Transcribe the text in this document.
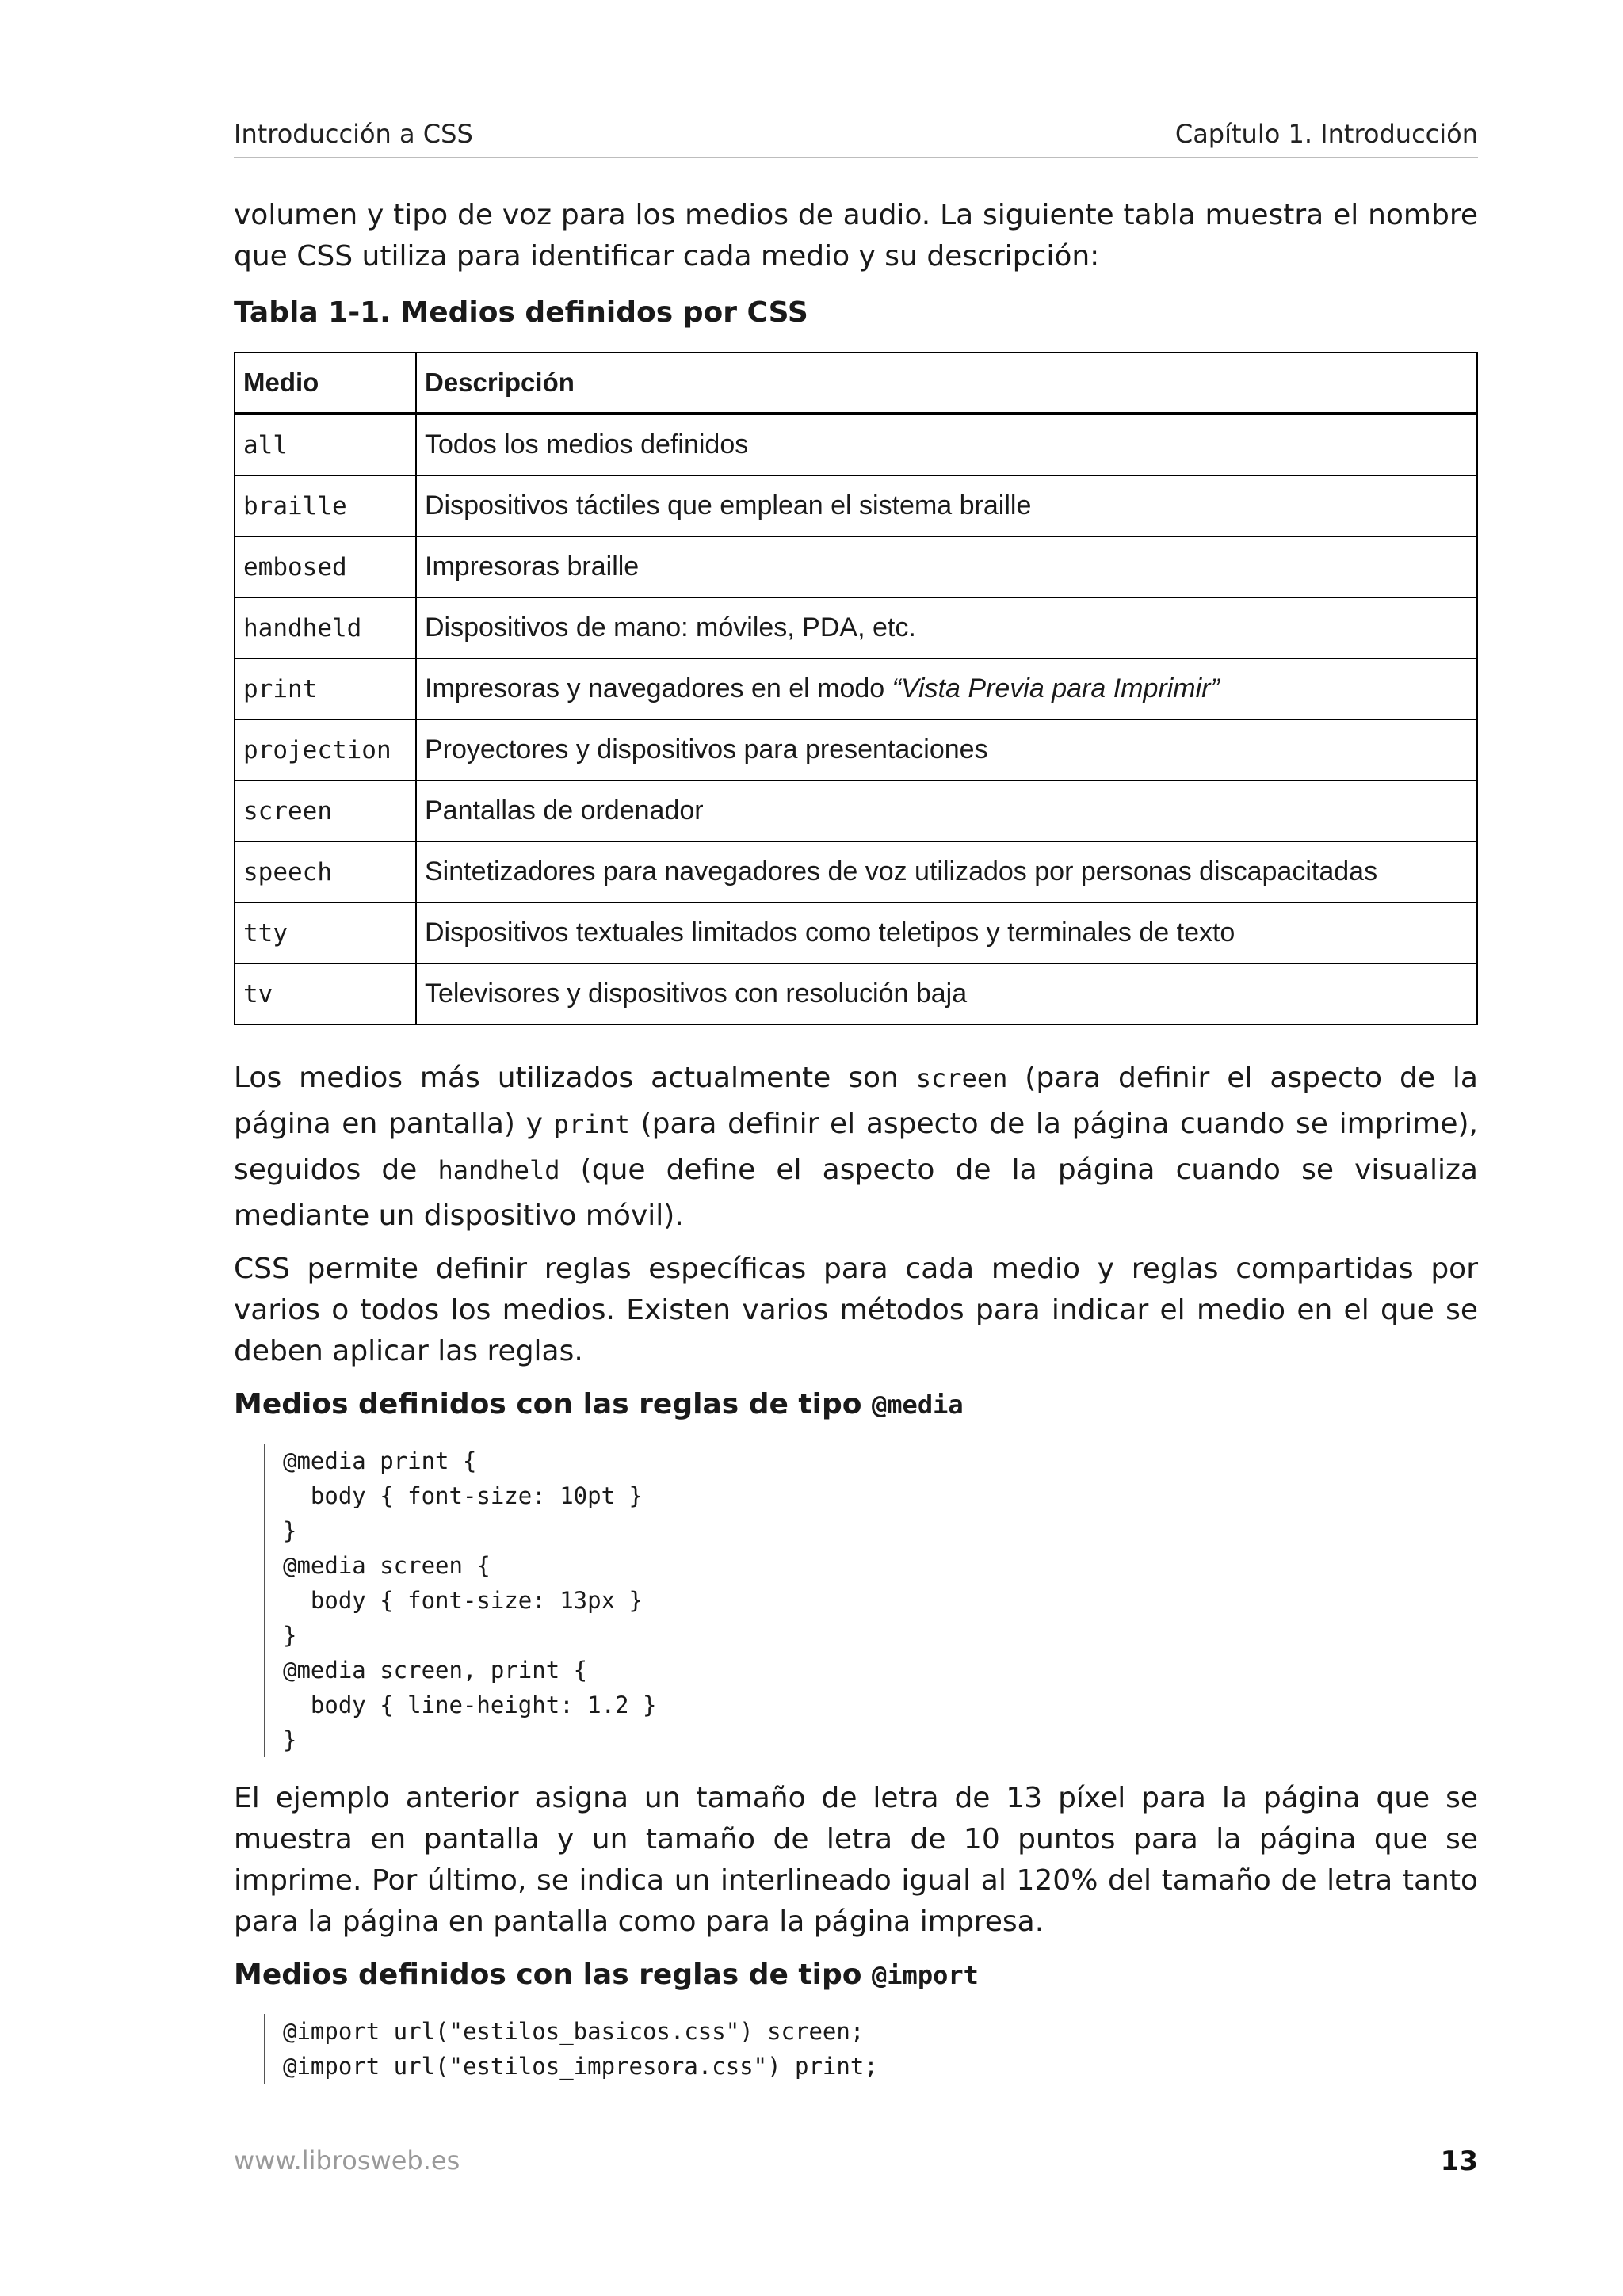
Introducción a CSS	Capítulo 1. Introducción

volumen y tipo de voz para los medios de audio. La siguiente tabla muestra el nombre
que CSS utiliza para identificar cada medio y su descripción:

Tabla 1-1. Medios definidos por CSS

Medio	Descripción
all	Todos los medios definidos
braille	Dispositivos táctiles que emplean el sistema braille
embosed	Impresoras braille
handheld	Dispositivos de mano: móviles, PDA, etc.
print	Impresoras y navegadores en el modo “Vista Previa para Imprimir”
projection	Proyectores y dispositivos para presentaciones
screen	Pantallas de ordenador
speech	Sintetizadores para navegadores de voz utilizados por personas discapacitadas
tty	Dispositivos textuales limitados como teletipos y terminales de texto
tv	Televisores y dispositivos con resolución baja

Los medios más utilizados actualmente son screen (para definir el aspecto de la página en pantalla) y print (para definir el aspecto de la página cuando se imprime), seguidos de handheld (que define el aspecto de la página cuando se visualiza mediante un dispositivo móvil).

CSS permite definir reglas específicas para cada medio y reglas compartidas por varios o todos los medios. Existen varios métodos para indicar el medio en el que se deben aplicar las reglas.

Medios definidos con las reglas de tipo @media
@media print {
body { font-size: 10pt }
}
@media screen {
body { font-size: 13px }
}
@media screen, print {
body { line-height: 1.2 }
}

El ejemplo anterior asigna un tamaño de letra de 13 píxel para la página que se muestra en pantalla y un tamaño de letra de 10 puntos para la página que se imprime. Por último, se indica un interlineado igual al 120% del tamaño de letra tanto para la página en pantalla como para la página impresa.

Medios definidos con las reglas de tipo @import
@import url("estilos_basicos.css") screen;
@import url("estilos_impresora.css") print;
www.librosweb.es	13
